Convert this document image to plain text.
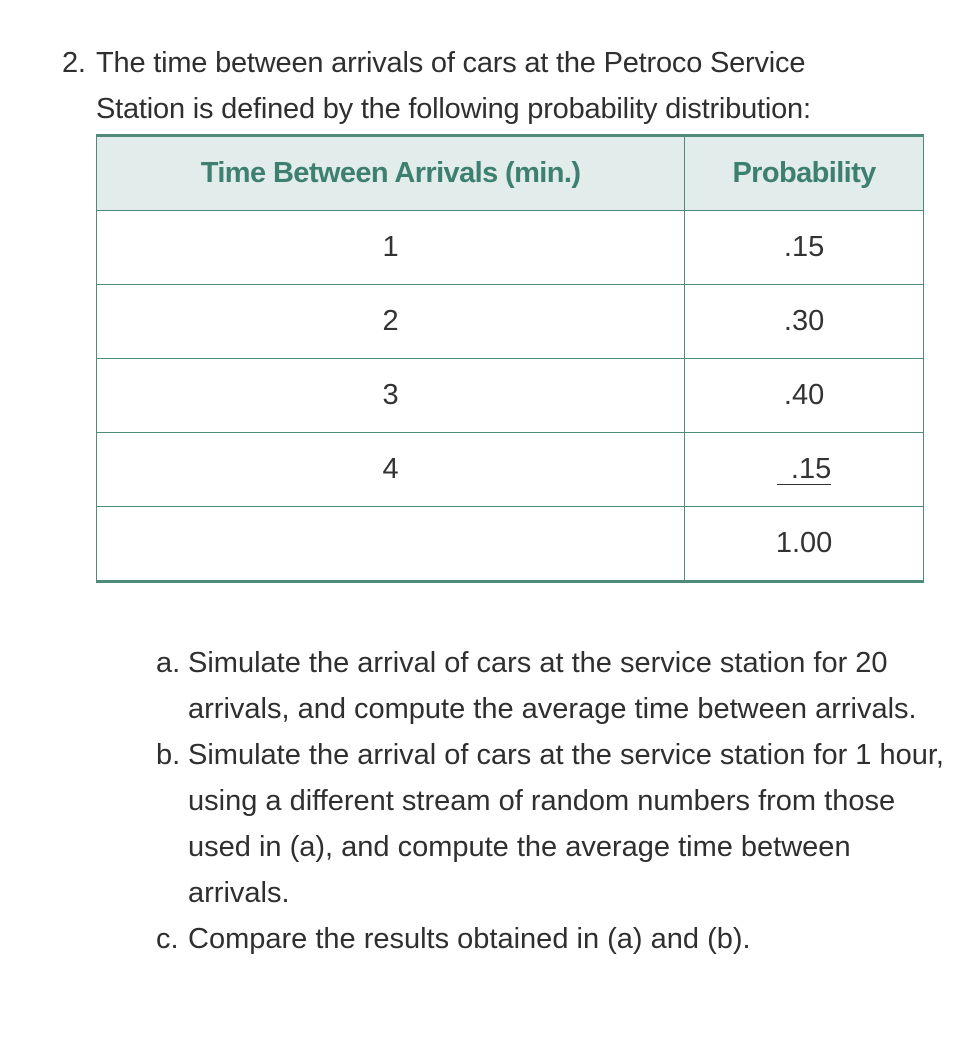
2. The time between arrivals of cars at the Petroco Service
Station is defined by the following probability distribution:
Time Between Arrivals (min.)	Probability
1	.15
2	.30
3	.40
4	.15
	1.00
a. Simulate the arrival of cars at the service station for 20 arrivals, and compute the average time between arrivals.
b. Simulate the arrival of cars at the service station for 1 hour, using a different stream of random numbers from those used in (a), and compute the average time between arrivals.
c. Compare the results obtained in (a) and (b).
